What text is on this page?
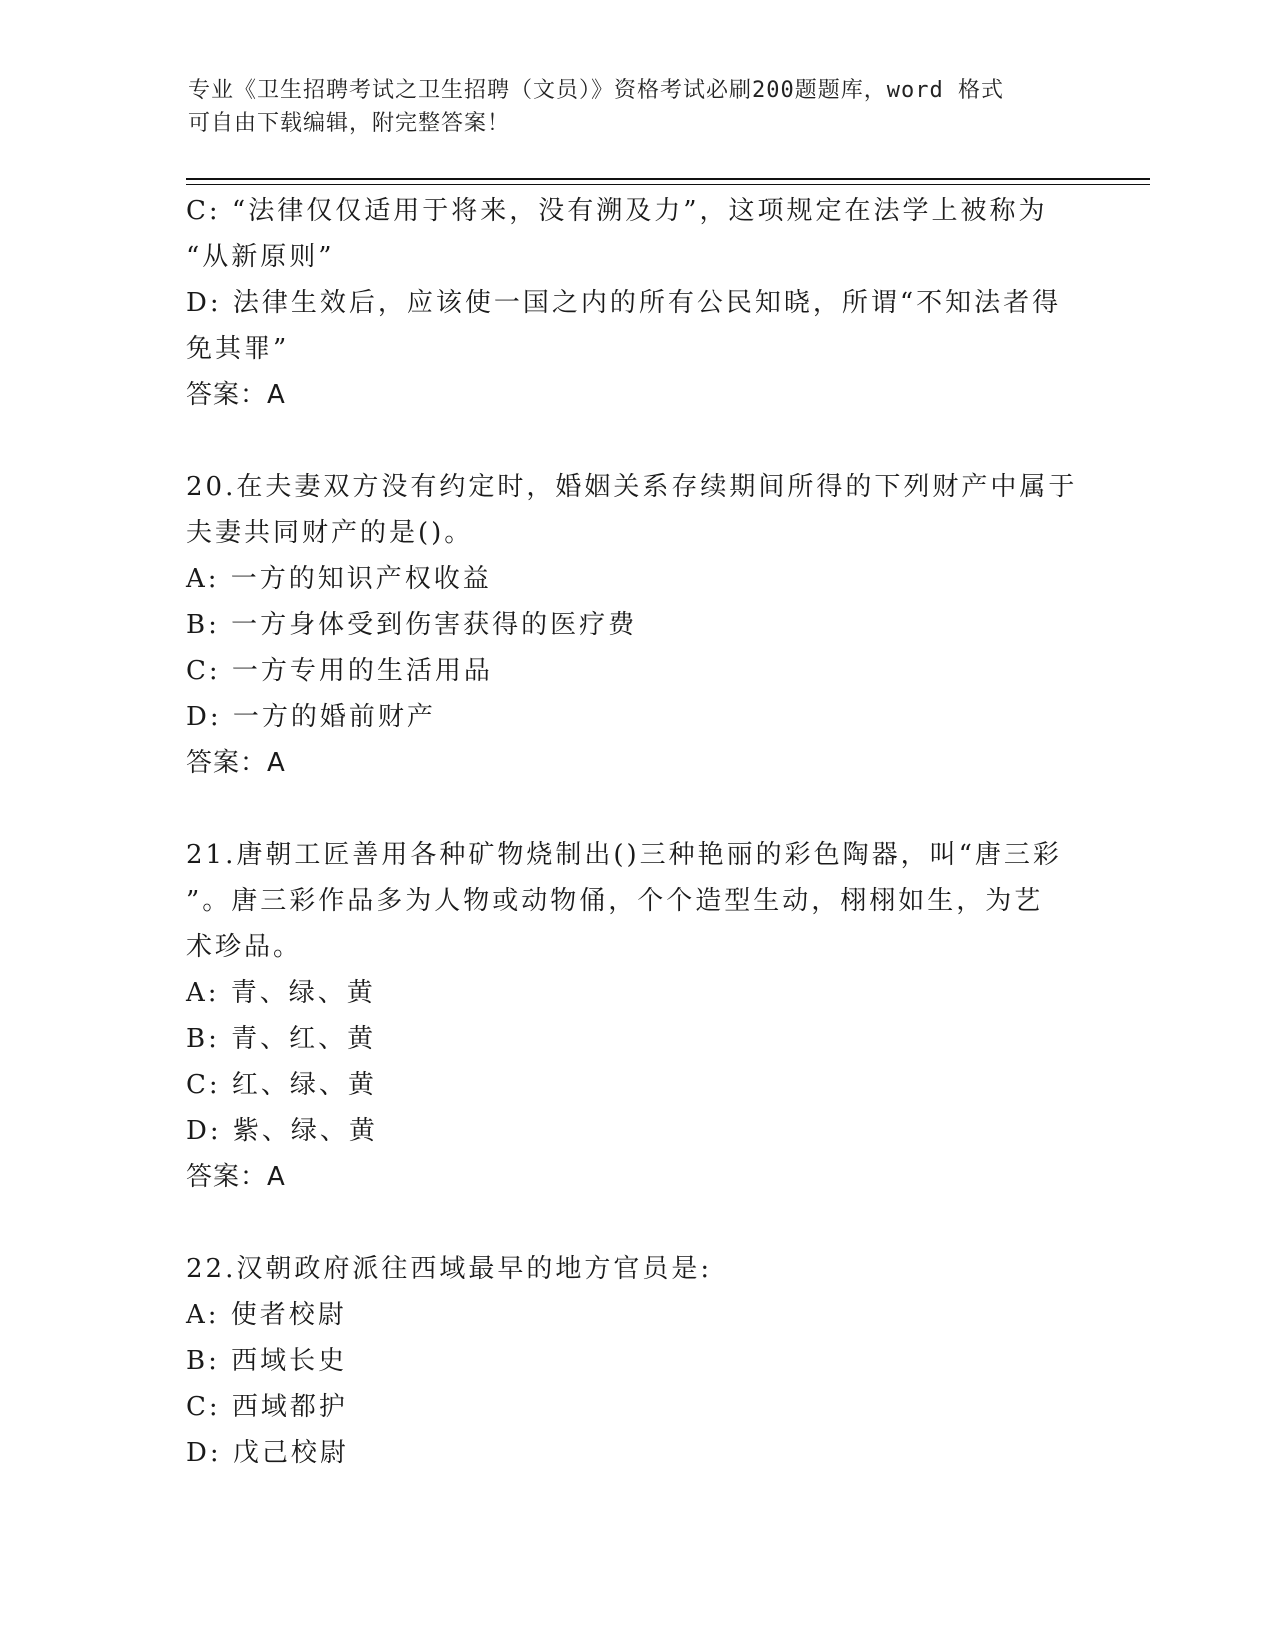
专业《卫生招聘考试之卫生招聘（文员）》资格考试必刷200题题库，word 格式

可自由下载编辑，附完整答案！

C: “法律仅仅适用于将来，没有溯及力”，这项规定在法学上被称为

“从新原则”

D: 法律生效后，应该使一国之内的所有公民知晓，所谓“不知法者得

免其罪”

答案：A

20.在夫妻双方没有约定时，婚姻关系存续期间所得的下列财产中属于

夫妻共同财产的是()。

A: 一方的知识产权收益

B: 一方身体受到伤害获得的医疗费

C: 一方专用的生活用品

D: 一方的婚前财产

答案：A

21.唐朝工匠善用各种矿物烧制出()三种艳丽的彩色陶器，叫“唐三彩

”。唐三彩作品多为人物或动物俑，个个造型生动，栩栩如生，为艺

术珍品。

A: 青、绿、黄

B: 青、红、黄

C: 红、绿、黄

D: 紫、绿、黄

答案：A

22.汉朝政府派往西域最早的地方官员是:

A: 使者校尉

B: 西域长史

C: 西域都护

D: 戊己校尉
